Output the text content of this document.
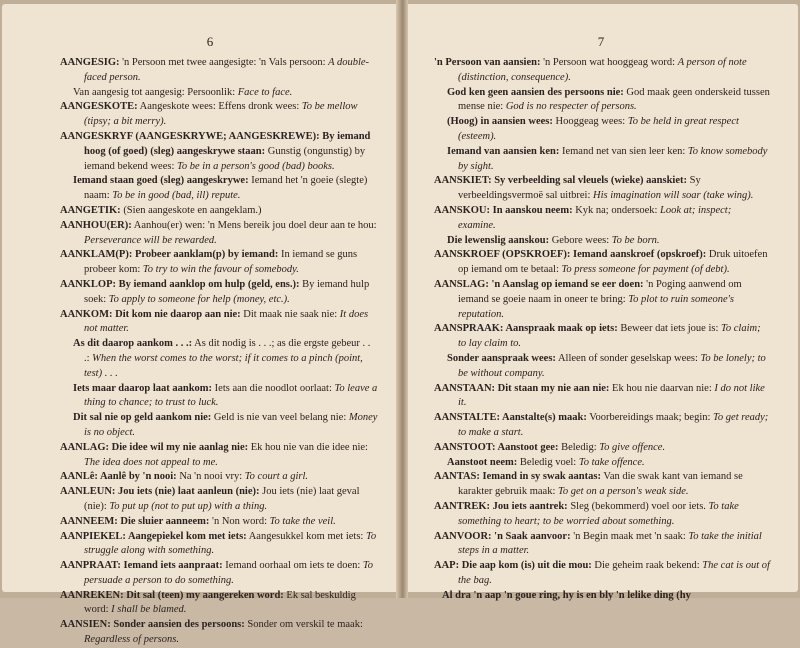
6

AANGESIG: 'n Persoon met twee aangesigte: 'n Vals persoon: A double-faced person.

Van aangesig tot aangesig: Persoonlik: Face to face.

AANGESKOTE: Aangeskote wees: Effens dronk wees: To be mellow (tipsy; a bit merry).

AANGESKRYF (AANGESKRYWE; AANGESKREWE): By iemand hoog (of goed) (sleg) aangeskrywe staan: Gunstig (ongunstig) by iemand bekend wees: To be in a person's good (bad) books.

Iemand staan goed (sleg) aangeskrywe: Iemand het 'n goeie (slegte) naam: To be in good (bad, ill) repute.

AANGETIK: (Sien aangeskote en aangeklam.)

AANHOU(ER): Aanhou(er) wen: 'n Mens bereik jou doel deur aan te hou: Perseverance will be rewarded.

AANKLAM(P): Probeer aanklam(p) by iemand: In iemand se guns probeer kom: To try to win the favour of somebody.

AANKLOP: By iemand aanklop om hulp (geld, ens.): By iemand hulp soek: To apply to someone for help (money, etc.).

AANKOM: Dit kom nie daarop aan nie: Dit maak nie saak nie: It does not matter.

As dit daarop aankom . . .: As dit nodig is . . .; as die ergste gebeur . . .: When the worst comes to the worst; if it comes to a pinch (point, test) . . .

Iets maar daarop laat aankom: Iets aan die noodlot oorlaat: To leave a thing to chance; to trust to luck.

Dit sal nie op geld aankom nie: Geld is nie van veel belang nie: Money is no object.

AANLAG: Die idee wil my nie aanlag nie: Ek hou nie van die idee nie: The idea does not appeal to me.

AANLê: Aanlê by 'n nooi: Na 'n nooi vry: To court a girl.

AANLEUN: Jou iets (nie) laat aanleun (nie): Jou iets (nie) laat geval (nie): To put up (not to put up) with a thing.

AANNEEM: Die sluier aanneem: 'n Non word: To take the veil.

AANPIEKEL: Aangepiekel kom met iets: Aangesukkel kom met iets: To struggle along with something.

AANPRAAT: Iemand iets aanpraat: Iemand oorhaal om iets te doen: To persuade a person to do something.

AANREKEN: Dit sal (teen) my aangereken word: Ek sal beskuldig word: I shall be blamed.

AANSIEN: Sonder aansien des persoons: Sonder om verskil te maak: Regardless of persons.

7

'n Persoon van aansien: 'n Persoon wat hooggeag word: A person of note (distinction, consequence).

God ken geen aansien des persoons nie: God maak geen onderskeid tussen mense nie: God is no respecter of persons.

(Hoog) in aansien wees: Hooggeag wees: To be held in great respect (esteem).

Iemand van aansien ken: Iemand net van sien leer ken: To know somebody by sight.

AANSKIET: Sy verbeelding sal vleuels (wieke) aanskiet: Sy verbeeldingsvermoë sal uitbrei: His imagination will soar (take wing).

AANSKOU: In aanskou neem: Kyk na; ondersoek: Look at; inspect; examine.

Die lewenslig aanskou: Gebore wees: To be born.

AANSKROEF (OPSKROEF): Iemand aanskroef (opskroef): Druk uitoefen op iemand om te betaal: To press someone for payment (of debt).

AANSLAG: 'n Aanslag op iemand se eer doen: 'n Poging aanwend om iemand se goeie naam in oneer te bring: To plot to ruin someone's reputation.

AANSPRAAK: Aanspraak maak op iets: Beweer dat iets joue is: To claim; to lay claim to.

Sonder aanspraak wees: Alleen of sonder geselskap wees: To be lonely; to be without company.

AANSTAAN: Dit staan my nie aan nie: Ek hou nie daarvan nie: I do not like it.

AANSTALTE: Aanstalte(s) maak: Voorbereidings maak; begin: To get ready; to make a start.

AANSTOOT: Aanstoot gee: Beledig: To give offence.

Aanstoot neem: Beledig voel: To take offence.

AANTAS: Iemand in sy swak aantas: Van die swak kant van iemand se karakter gebruik maak: To get on a person's weak side.

AANTREK: Jou iets aantrek: Sleg (bekommerd) voel oor iets. To take something to heart; to be worried about something.

AANVOOR: 'n Saak aanvoor: 'n Begin maak met 'n saak: To take the initial steps in a matter.

AAP: Die aap kom (is) uit die mou: Die geheim raak bekend: The cat is out of the bag.

Al dra 'n aap 'n goue ring, hy is en bly 'n lelike ding (hy
